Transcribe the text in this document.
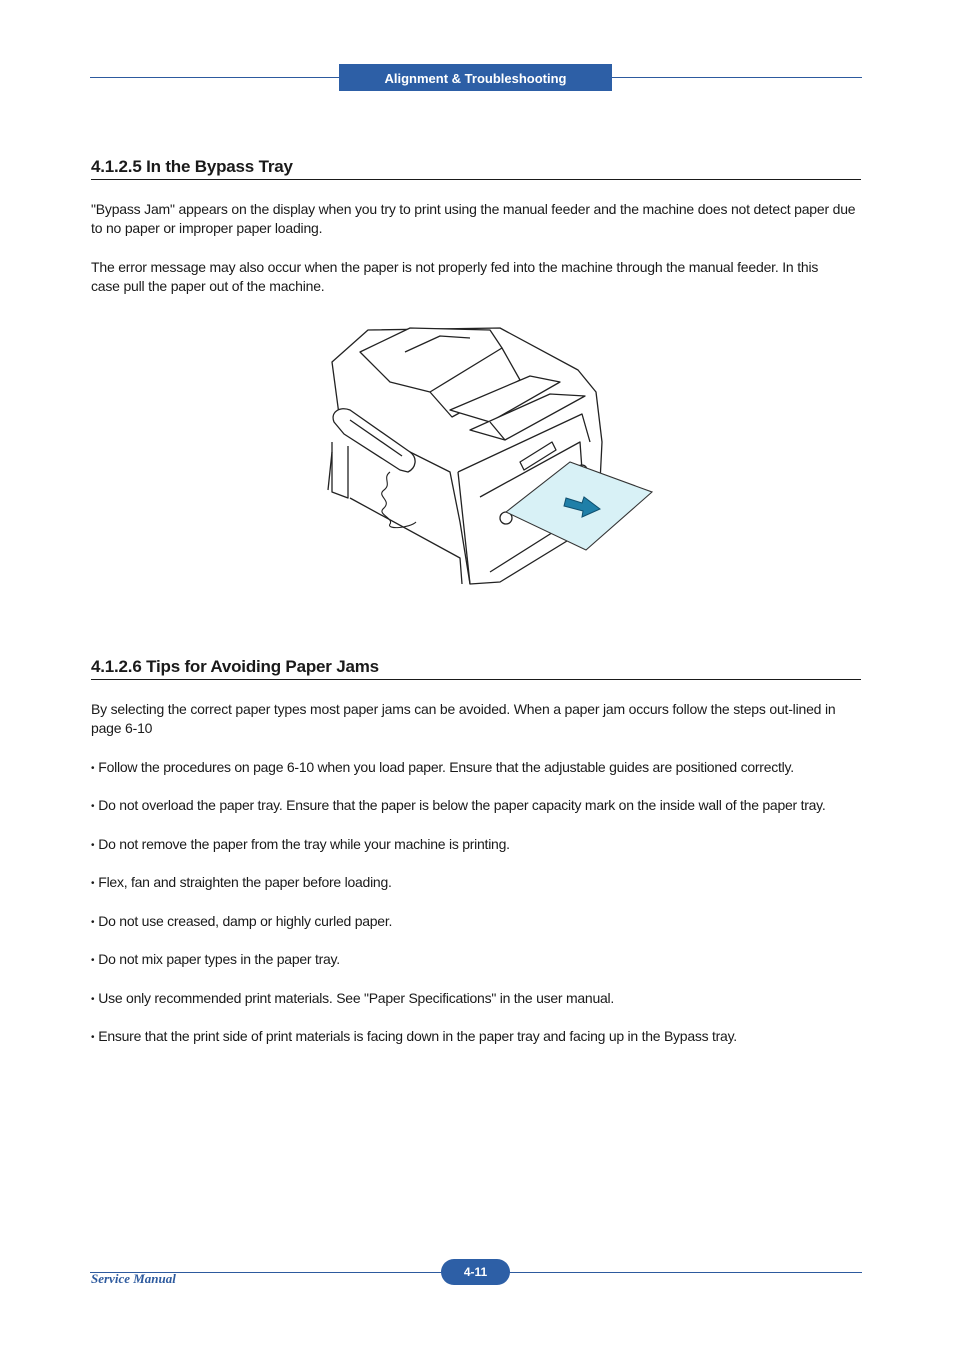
Alignment & Troubleshooting
4.1.2.5 In the Bypass Tray
"Bypass Jam" appears on the display when you try to print using the manual feeder and the machine does not detect paper due to no paper or improper paper loading.
The error message may also occur when the paper is not properly fed into the machine through the manual feeder. In this case pull the paper out of the machine.
4.1.2.6 Tips for Avoiding Paper Jams
By selecting the correct paper types most paper jams can be avoided. When a paper jam occurs follow the steps out-lined in page 6-10
• Follow the procedures on page 6-10 when you load paper. Ensure that the adjustable guides are positioned correctly.
• Do not overload the paper tray. Ensure that the paper is below the paper capacity mark on the inside wall of the paper tray.
• Do not remove the paper from the tray while your machine is printing.
• Flex, fan and straighten the paper before loading.
• Do not use creased, damp or highly curled paper.
• Do not mix paper types in the paper tray.
• Use only recommended print materials. See "Paper Specifications" in the user manual.
• Ensure that the print side of print materials is facing down in the paper tray and facing up in the Bypass tray.
Service Manual	4-11
